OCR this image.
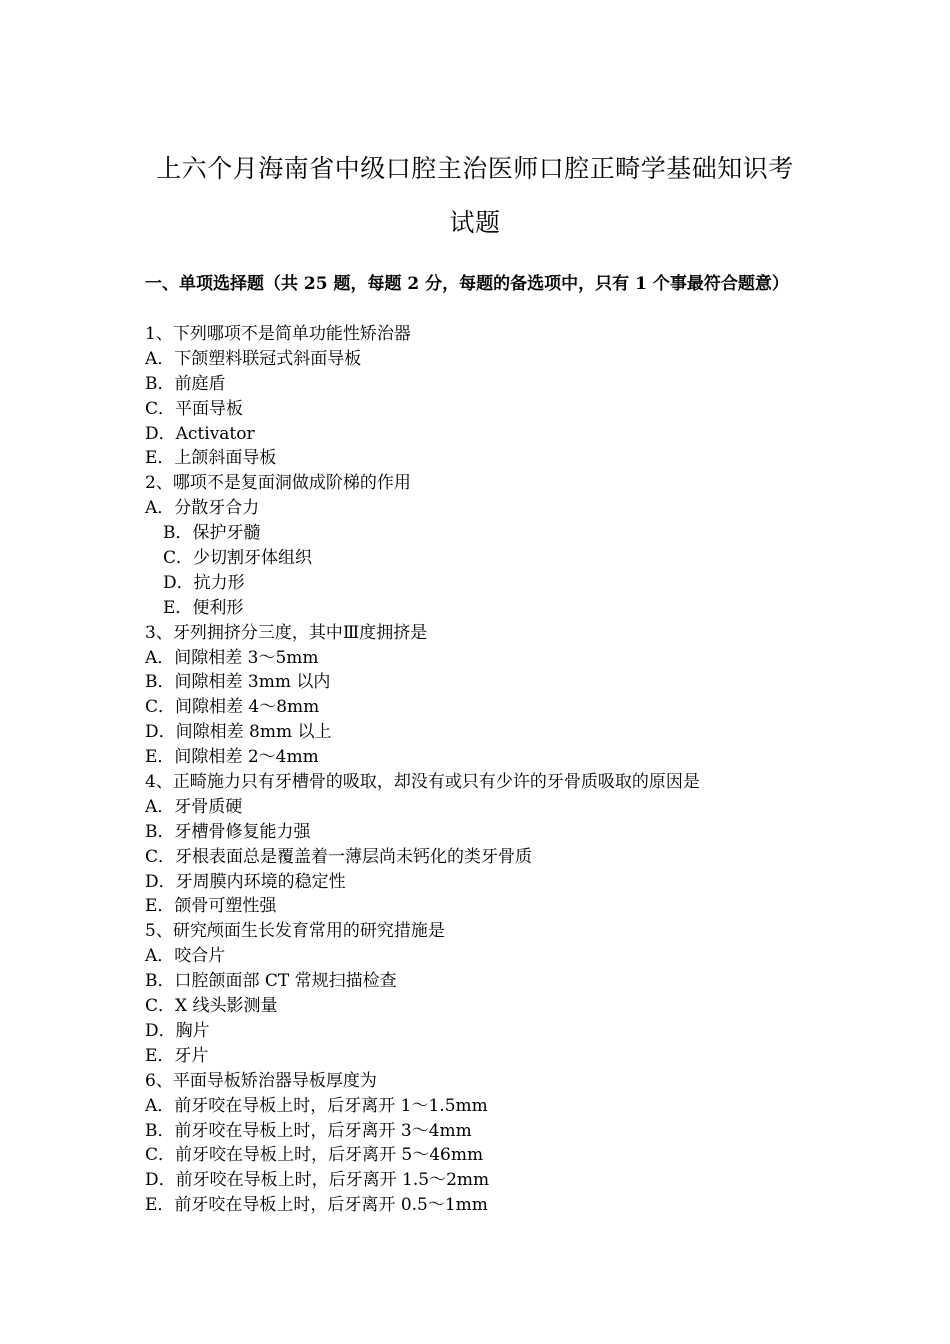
上六个月海南省中级口腔主治医师口腔正畸学基础知识考
试题
一、单项选择题（共 25 题，每题 2 分，每题的备选项中，只有 1 个事最符合题意）
1、下列哪项不是简单功能性矫治器
A．下颌塑料联冠式斜面导板
B．前庭盾
C．平面导板
D．Activator
E．上颌斜面导板
2、哪项不是复面洞做成阶梯的作用
A．分散牙合力
B．保护牙髓
C．少切割牙体组织
D．抗力形
E．便利形
3、牙列拥挤分三度，其中Ⅲ度拥挤是
A．间隙相差 3～5mm
B．间隙相差 3mm 以内
C．间隙相差 4～8mm
D．间隙相差 8mm 以上
E．间隙相差 2～4mm
4、正畸施力只有牙槽骨的吸取，却没有或只有少许的牙骨质吸取的原因是
A．牙骨质硬
B．牙槽骨修复能力强
C．牙根表面总是覆盖着一薄层尚未钙化的类牙骨质
D．牙周膜内环境的稳定性
E．颌骨可塑性强
5、研究颅面生长发育常用的研究措施是
A．咬合片
B．口腔颌面部 CT 常规扫描检查
C．X 线头影测量
D．胸片
E．牙片
6、平面导板矫治器导板厚度为
A．前牙咬在导板上时，后牙离开 1～1.5mm
B．前牙咬在导板上时，后牙离开 3～4mm
C．前牙咬在导板上时，后牙离开 5～46mm
D．前牙咬在导板上时，后牙离开 1.5～2mm
E．前牙咬在导板上时，后牙离开 0.5～1mm
